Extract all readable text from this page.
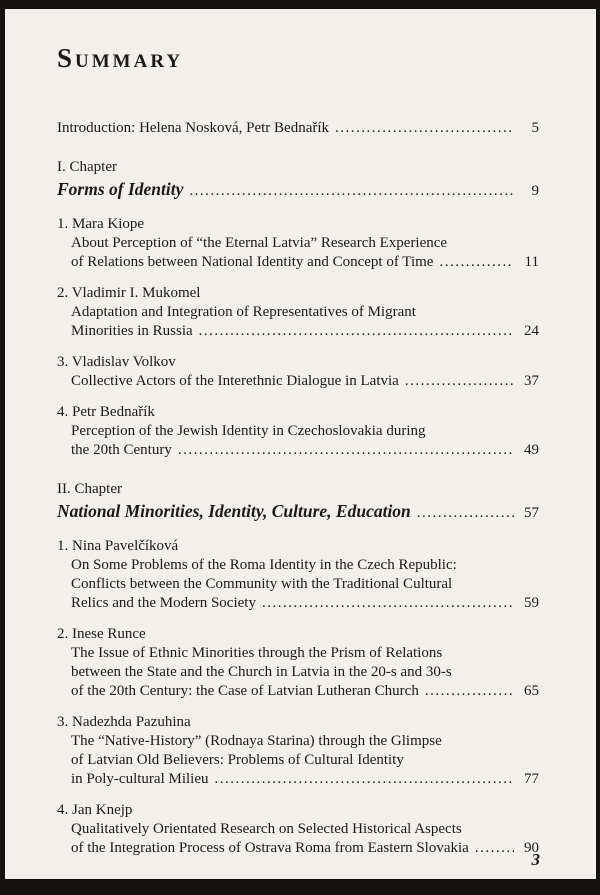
Summary
Introduction: Helena Nosková, Petr Bednařík .....	5
I. Chapter
Forms of Identity .....	9
1. Mara Kiope
About Perception of “the Eternal Latvia” Research Experience
of Relations between National Identity and Concept of Time .....	11
2. Vladimir I. Mukomel
Adaptation and Integration of Representatives of Migrant
Minorities in Russia .....	24
3. Vladislav Volkov
Collective Actors of the Interethnic Dialogue in Latvia .....	37
4. Petr Bednařík
Perception of the Jewish Identity in Czechoslovakia during
the 20th Century .....	49
II. Chapter
National Minorities, Identity, Culture, Education .....	57
1. Nina Pavelčíková
On Some Problems of the Roma Identity in the Czech Republic:
Conflicts between the Community with the Traditional Cultural
Relics and the Modern Society .....	59
2. Inese Runce
The Issue of Ethnic Minorities through the Prism of Relations
between the State and the Church in Latvia in the 20-s and 30-s
of the 20th Century: the Case of Latvian Lutheran Church .....	65
3. Nadezhda Pazuhina
The “Native-History” (Rodnaya Starina) through the Glimpse
of Latvian Old Believers: Problems of Cultural Identity
in Poly-cultural Milieu .....	77
4. Jan Knejp
Qualitatively Orientated Research on Selected Historical Aspects
of the Integration Process of Ostrava Roma from Eastern Slovakia .....	90
3
